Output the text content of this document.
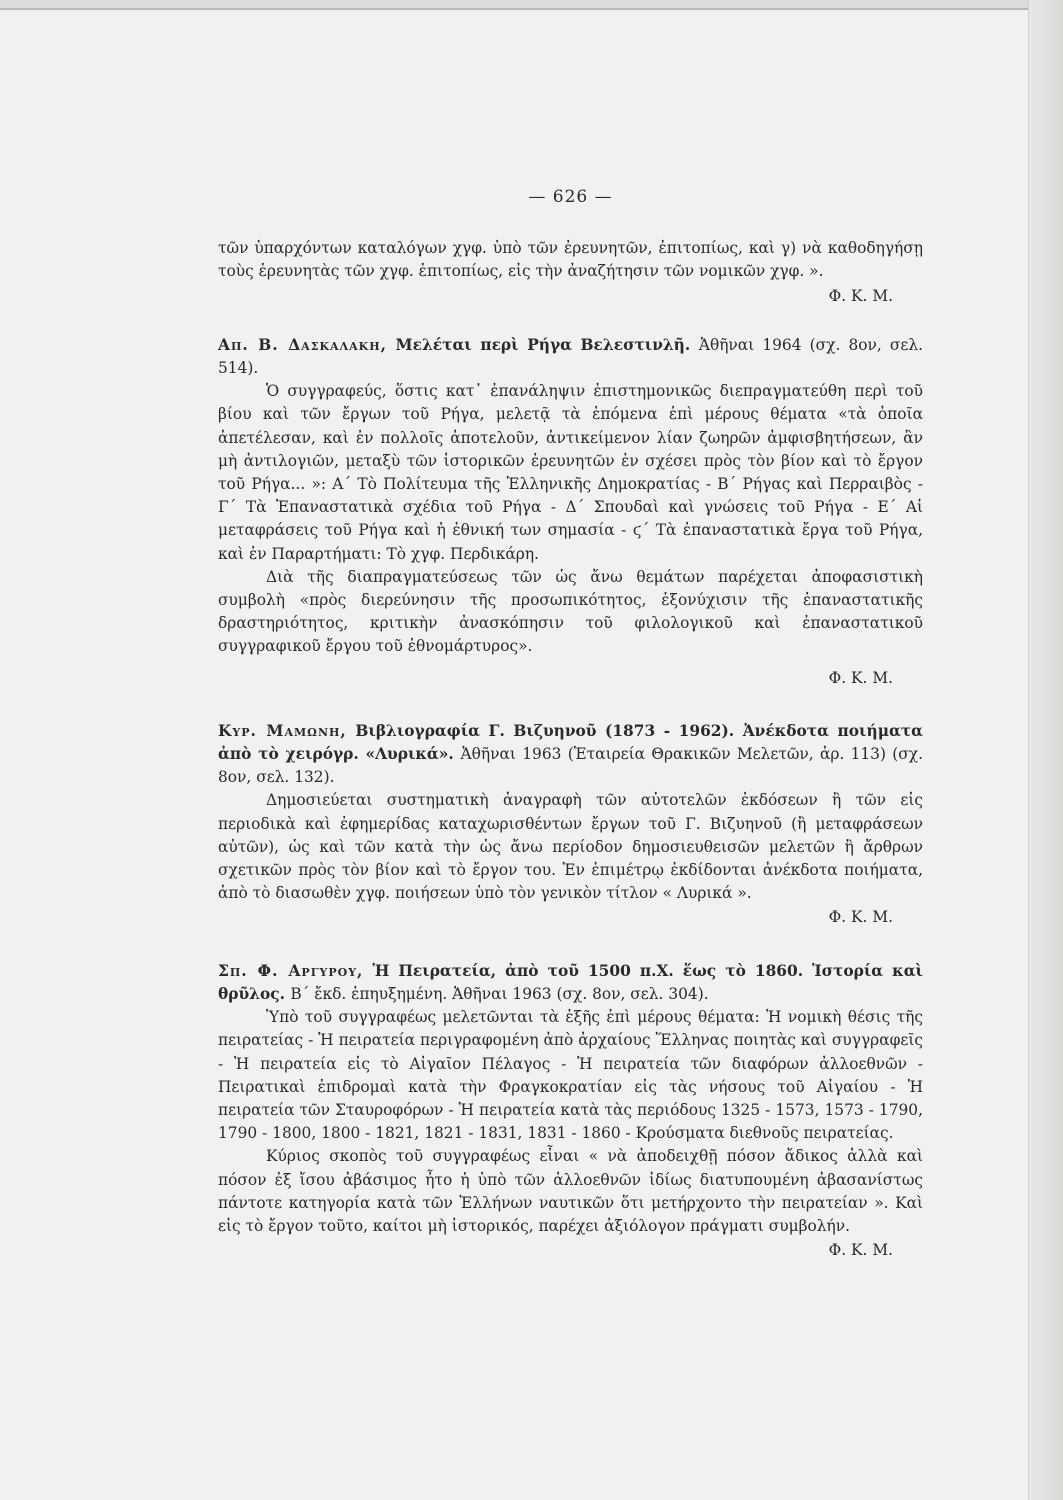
— 626 —

τῶν ὑπαρχόντων καταλόγων χγφ. ὑπὸ τῶν ἐρευνητῶν, ἐπιτοπίως, καὶ γ) νὰ καθοδηγήσῃ τοὺς ἐρευνητὰς τῶν χγφ. ἐπιτοπίως, εἰς τὴν ἀναζήτησιν τῶν νομικῶν χγφ. ».

Φ. Κ. Μ.

Απ. Β. Δασκαλακη, Μελέται περὶ Ρήγα Βελεστινλῆ. Ἀθῆναι 1964 (σχ. 8ον, σελ. 514).

Ὁ συγγραφεύς, ὅστις κατ᾽ ἐπανάληψιν ἐπιστημονικῶς διεπραγματεύθη περὶ τοῦ βίου καὶ τῶν ἔργων τοῦ Ρήγα, μελετᾷ τὰ ἑπόμενα ἐπὶ μέρους θέματα «τὰ ὁποῖα ἀπετέλεσαν, καὶ ἐν πολλοῖς ἀποτελοῦν, ἀντικείμενον λίαν ζωηρῶν ἀμφισβητήσεων, ἂν μὴ ἀντιλογιῶν, μεταξὺ τῶν ἱστορικῶν ἐρευνητῶν ἐν σχέσει πρὸς τὸν βίον καὶ τὸ ἔργον τοῦ Ρήγα... »: Α΄ Τὸ Πολίτευμα τῆς Ἑλληνικῆς Δημοκρατίας - Β΄ Ρήγας καὶ Περραιβὸς - Γ΄ Τὰ Ἐπαναστατικὰ σχέδια τοῦ Ρήγα - Δ΄ Σπουδαὶ καὶ γνώσεις τοῦ Ρήγα - Ε΄ Αἱ μεταφράσεις τοῦ Ρήγα καὶ ἡ ἐθνική των σημασία - ϛ΄ Τὰ ἐπαναστατικὰ ἔργα τοῦ Ρήγα, καὶ ἐν Παραρτήματι: Τὸ χγφ. Περδικάρη.

Διὰ τῆς διαπραγματεύσεως τῶν ὡς ἄνω θεμάτων παρέχεται ἀποφασιστικὴ συμβολὴ «πρὸς διερεύνησιν τῆς προσωπικότητος, ἐξονύχισιν τῆς ἐπαναστατικῆς δραστηριότητος, κριτικὴν ἀνασκόπησιν τοῦ φιλολογικοῦ καὶ ἐπαναστατικοῦ συγγραφικοῦ ἔργου τοῦ ἐθνομάρτυρος».

Φ. Κ. Μ.

Κυρ. Μαμωνη, Βιβλιογραφία Γ. Βιζυηνοῦ (1873 - 1962). Ἀνέκδοτα ποιήματα ἀπὸ τὸ χειρόγρ. «Λυρικά». Ἀθῆναι 1963 (Ἑταιρεία Θρακικῶν Μελετῶν, ἀρ. 113) (σχ. 8ον, σελ. 132).

Δημοσιεύεται συστηματικὴ ἀναγραφὴ τῶν αὐτοτελῶν ἐκδόσεων ἢ τῶν εἰς περιοδικὰ καὶ ἐφημερίδας καταχωρισθέντων ἔργων τοῦ Γ. Βιζυηνοῦ (ἢ μεταφράσεων αὐτῶν), ὡς καὶ τῶν κατὰ τὴν ὡς ἄνω περίοδον δημοσιευθεισῶν μελετῶν ἢ ἄρθρων σχετικῶν πρὸς τὸν βίον καὶ τὸ ἔργον του. Ἐν ἐπιμέτρῳ ἐκδίδονται ἀνέκδοτα ποιήματα, ἀπὸ τὸ διασωθὲν χγφ. ποιήσεων ὑπὸ τὸν γενικὸν τίτλον « Λυρικά ».

Φ. Κ. Μ.

Σπ. Φ. Αργυρου, Ἡ Πειρατεία, ἀπὸ τοῦ 1500 π.Χ. ἕως τὸ 1860. Ἱστορία καὶ θρῦλος. Β΄ ἔκδ. ἐπηυξημένη. Ἀθῆναι 1963 (σχ. 8ον, σελ. 304).

Ὑπὸ τοῦ συγγραφέως μελετῶνται τὰ ἑξῆς ἐπὶ μέρους θέματα: Ἡ νομικὴ θέσις τῆς πειρατείας - Ἡ πειρατεία περιγραφομένη ἀπὸ ἀρχαίους Ἕλληνας ποιητὰς καὶ συγγραφεῖς - Ἡ πειρατεία εἰς τὸ Αἰγαῖον Πέλαγος - Ἡ πειρατεία τῶν διαφόρων ἀλλοεθνῶν - Πειρατικαὶ ἐπιδρομαὶ κατὰ τὴν Φραγκοκρατίαν εἰς τὰς νήσους τοῦ Αἰγαίου - Ἡ πειρατεία τῶν Σταυροφόρων - Ἡ πειρατεία κατὰ τὰς περιόδους 1325 - 1573, 1573 - 1790, 1790 - 1800, 1800 - 1821, 1821 - 1831, 1831 - 1860 - Κρούσματα διεθνοῦς πειρατείας.

Κύριος σκοπὸς τοῦ συγγραφέως εἶναι « νὰ ἀποδειχθῇ πόσον ἄδικος ἀλλὰ καὶ πόσον ἐξ ἴσου ἀβάσιμος ἦτο ἡ ὑπὸ τῶν ἀλλοεθνῶν ἰδίως διατυπουμένη ἀβασανίστως πάντοτε κατηγορία κατὰ τῶν Ἑλλήνων ναυτικῶν ὅτι μετήρχοντο τὴν πειρατείαν ». Καὶ εἰς τὸ ἔργον τοῦτο, καίτοι μὴ ἱστορικός, παρέχει ἀξιόλογον πράγματι συμβολήν.

Φ. Κ. Μ.
